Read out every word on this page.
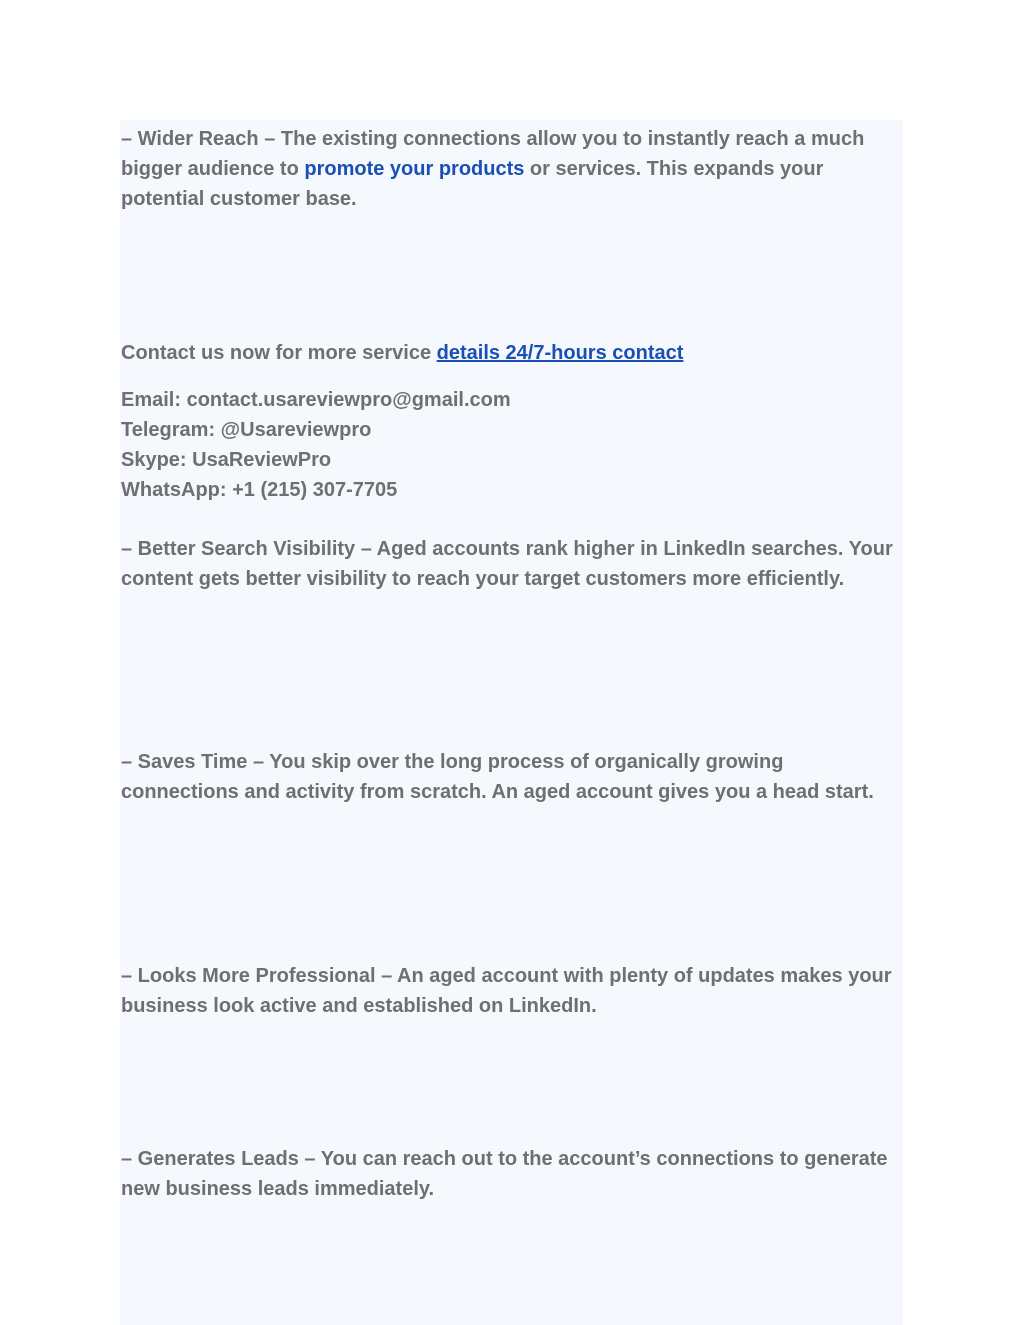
– Wider Reach – The existing connections allow you to instantly reach a much bigger audience to promote your products or services. This expands your potential customer base.

Contact us now for more service details 24/7-hours contact

Email: contact.usareviewpro@gmail.com
Telegram: @Usareviewpro
Skype: UsaReviewPro
WhatsApp: +1 (215) 307-7705

– Better Search Visibility – Aged accounts rank higher in LinkedIn searches. Your content gets better visibility to reach your target customers more efficiently.

– Saves Time – You skip over the long process of organically growing connections and activity from scratch. An aged account gives you a head start.

– Looks More Professional – An aged account with plenty of updates makes your business look active and established on LinkedIn.

– Generates Leads – You can reach out to the account’s connections to generate new business leads immediately.
